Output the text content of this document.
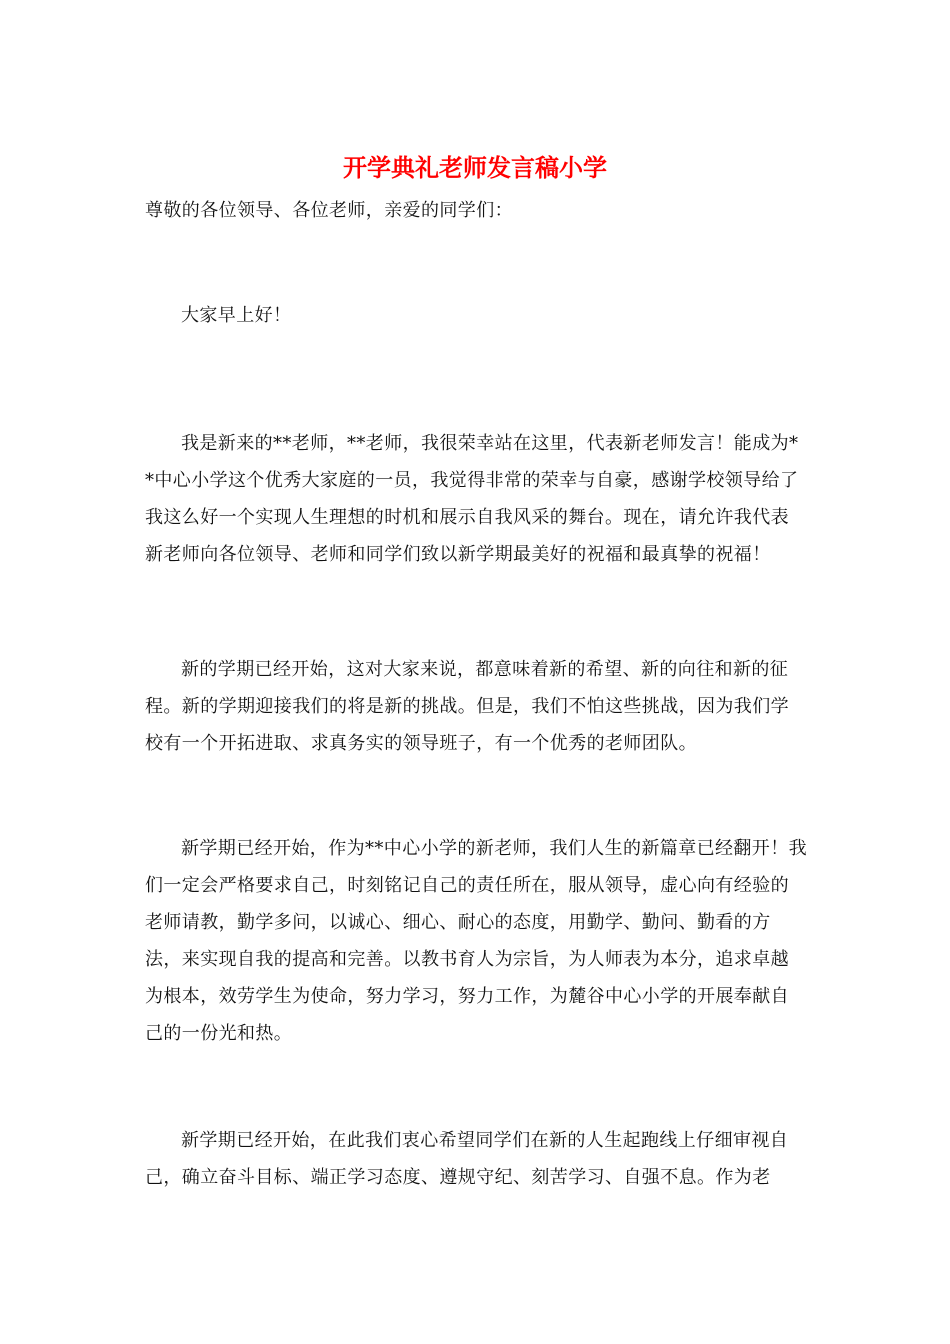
开学典礼老师发言稿小学

尊敬的各位领导、各位老师，亲爱的同学们：

大家早上好！

我是新来的**老师，**老师，我很荣幸站在这里，代表新老师发言！能成为**中心小学这个优秀大家庭的一员，我觉得非常的荣幸与自豪，感谢学校领导给了我这么好一个实现人生理想的时机和展示自我风采的舞台。现在，请允许我代表新老师向各位领导、老师和同学们致以新学期最美好的祝福和最真挚的祝福！

新的学期已经开始，这对大家来说，都意味着新的希望、新的向往和新的征程。新的学期迎接我们的将是新的挑战。但是，我们不怕这些挑战，因为我们学校有一个开拓进取、求真务实的领导班子，有一个优秀的老师团队。

新学期已经开始，作为**中心小学的新老师，我们人生的新篇章已经翻开！我们一定会严格要求自己，时刻铭记自己的责任所在，服从领导，虚心向有经验的老师请教，勤学多问，以诚心、细心、耐心的态度，用勤学、勤问、勤看的方法，来实现自我的提高和完善。以教书育人为宗旨，为人师表为本分，追求卓越为根本，效劳学生为使命，努力学习，努力工作，为麓谷中心小学的开展奉献自己的一份光和热。

新学期已经开始，在此我们衷心希望同学们在新的人生起跑线上仔细审视自己，确立奋斗目标、端正学习态度、遵规守纪、刻苦学习、自强不息。作为老
